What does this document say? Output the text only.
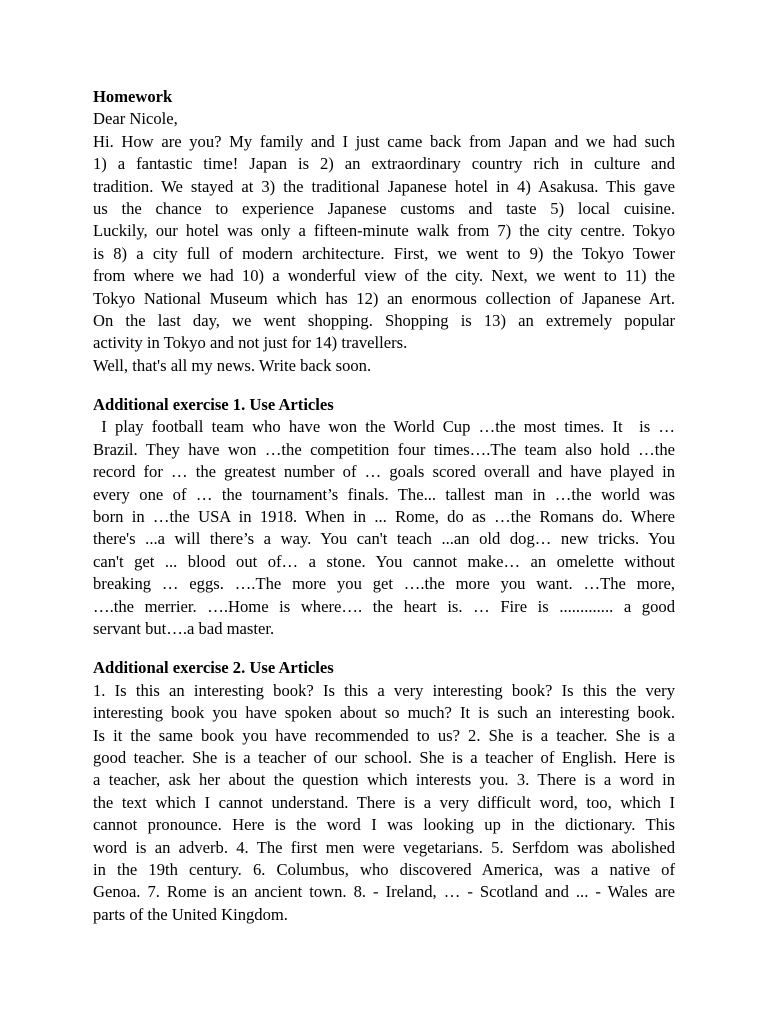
Homework
Dear Nicole,
Hi. How are you? My family and I just came back from Japan and we had such
1) a fantastic time! Japan is 2) an extraordinary country rich in culture and
tradition. We stayed at 3) the traditional Japanese hotel in 4) Asakusa. This gave
us the chance to experience Japanese customs and taste 5) local cuisine.
Luckily, our hotel was only a fifteen-minute walk from 7) the city centre. Tokyo
is 8) a city full of modern architecture. First, we went to 9) the Tokyo Tower
from where we had 10) a wonderful view of the city. Next, we went to 11) the
Tokyo National Museum which has 12) an enormous collection of Japanese Art.
On the last day, we went shopping. Shopping is 13) an extremely popular
activity in Tokyo and not just for 14) travellers.
Well, that's all my news. Write back soon.
Additional exercise 1. Use Articles
I play football team who have won the World Cup …the most times. It  is …
Brazil. They have won …the competition four times….The team also hold …the
record for … the greatest number of … goals scored overall and have played in
every one of … the tournament’s finals. The... tallest man in …the world was
born in …the USA in 1918. When in ... Rome, do as …the Romans do. Where
there's ...a will there’s a way. You can't teach ...an old dog… new tricks. You
can't get ... blood out of… a stone. You cannot make… an omelette without
breaking … eggs. ….The more you get ….the more you want. …The more,
….the merrier. ….Home is where…. the heart is. … Fire is ............. a good
servant but….a bad master.
Additional exercise 2. Use Articles
1. Is this an interesting book? Is this a very interesting book? Is this the very
interesting book you have spoken about so much? It is such an interesting book.
Is it the same book you have recommended to us? 2. She is a teacher. She is a
good teacher. She is a teacher of our school. She is a teacher of English. Here is
a teacher, ask her about the question which interests you. 3. There is a word in
the text which I cannot understand. There is a very difficult word, too, which I
cannot pronounce. Here is the word I was looking up in the dictionary. This
word is an adverb. 4. The first men were vegetarians. 5. Serfdom was abolished
in the 19th century. 6. Columbus, who discovered America, was a native of
Genoa. 7. Rome is an ancient town. 8. - Ireland, … - Scotland and ... - Wales are
parts of the United Kingdom.
